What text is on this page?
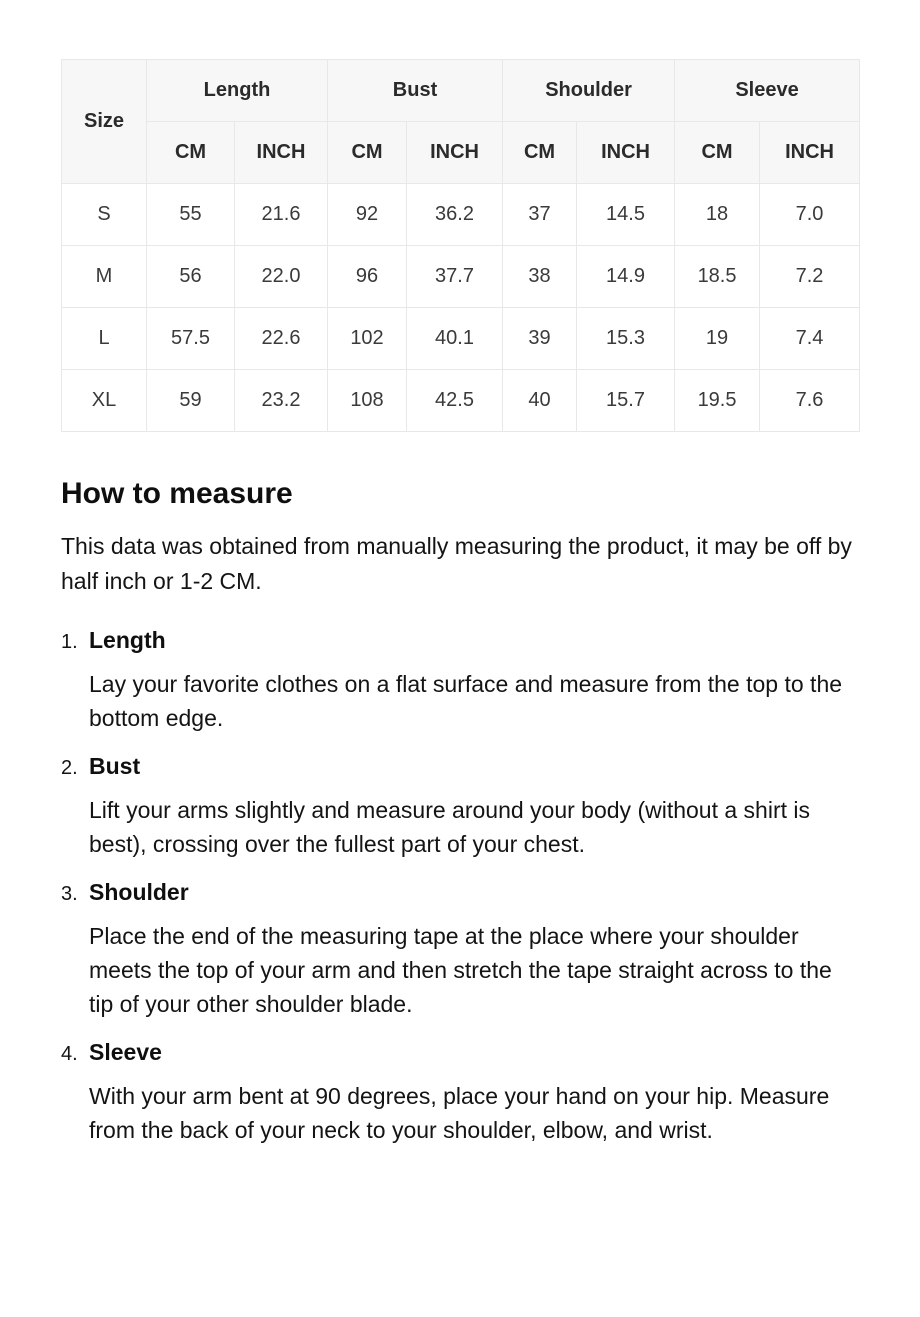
Size	Length		Bust		Shoulder		Sleeve	
	CM	INCH	CM	INCH	CM	INCH	CM	INCH
S	55	21.6	92	36.2	37	14.5	18	7.0
M	56	22.0	96	37.7	38	14.9	18.5	7.2
L	57.5	22.6	102	40.1	39	15.3	19	7.4
XL	59	23.2	108	42.5	40	15.7	19.5	7.6
How to measure

This data was obtained from manually measuring the product, it may be off by half inch or 1-2 CM.

1. Length

Lay your favorite clothes on a flat surface and measure from the top to the bottom edge.

2. Bust

Lift your arms slightly and measure around your body (without a shirt is best), crossing over the fullest part of your chest.

3. Shoulder

Place the end of the measuring tape at the place where your shoulder meets the top of your arm and then stretch the tape straight across to the tip of your other shoulder blade.

4. Sleeve

With your arm bent at 90 degrees, place your hand on your hip. Measure from the back of your neck to your shoulder, elbow, and wrist.
